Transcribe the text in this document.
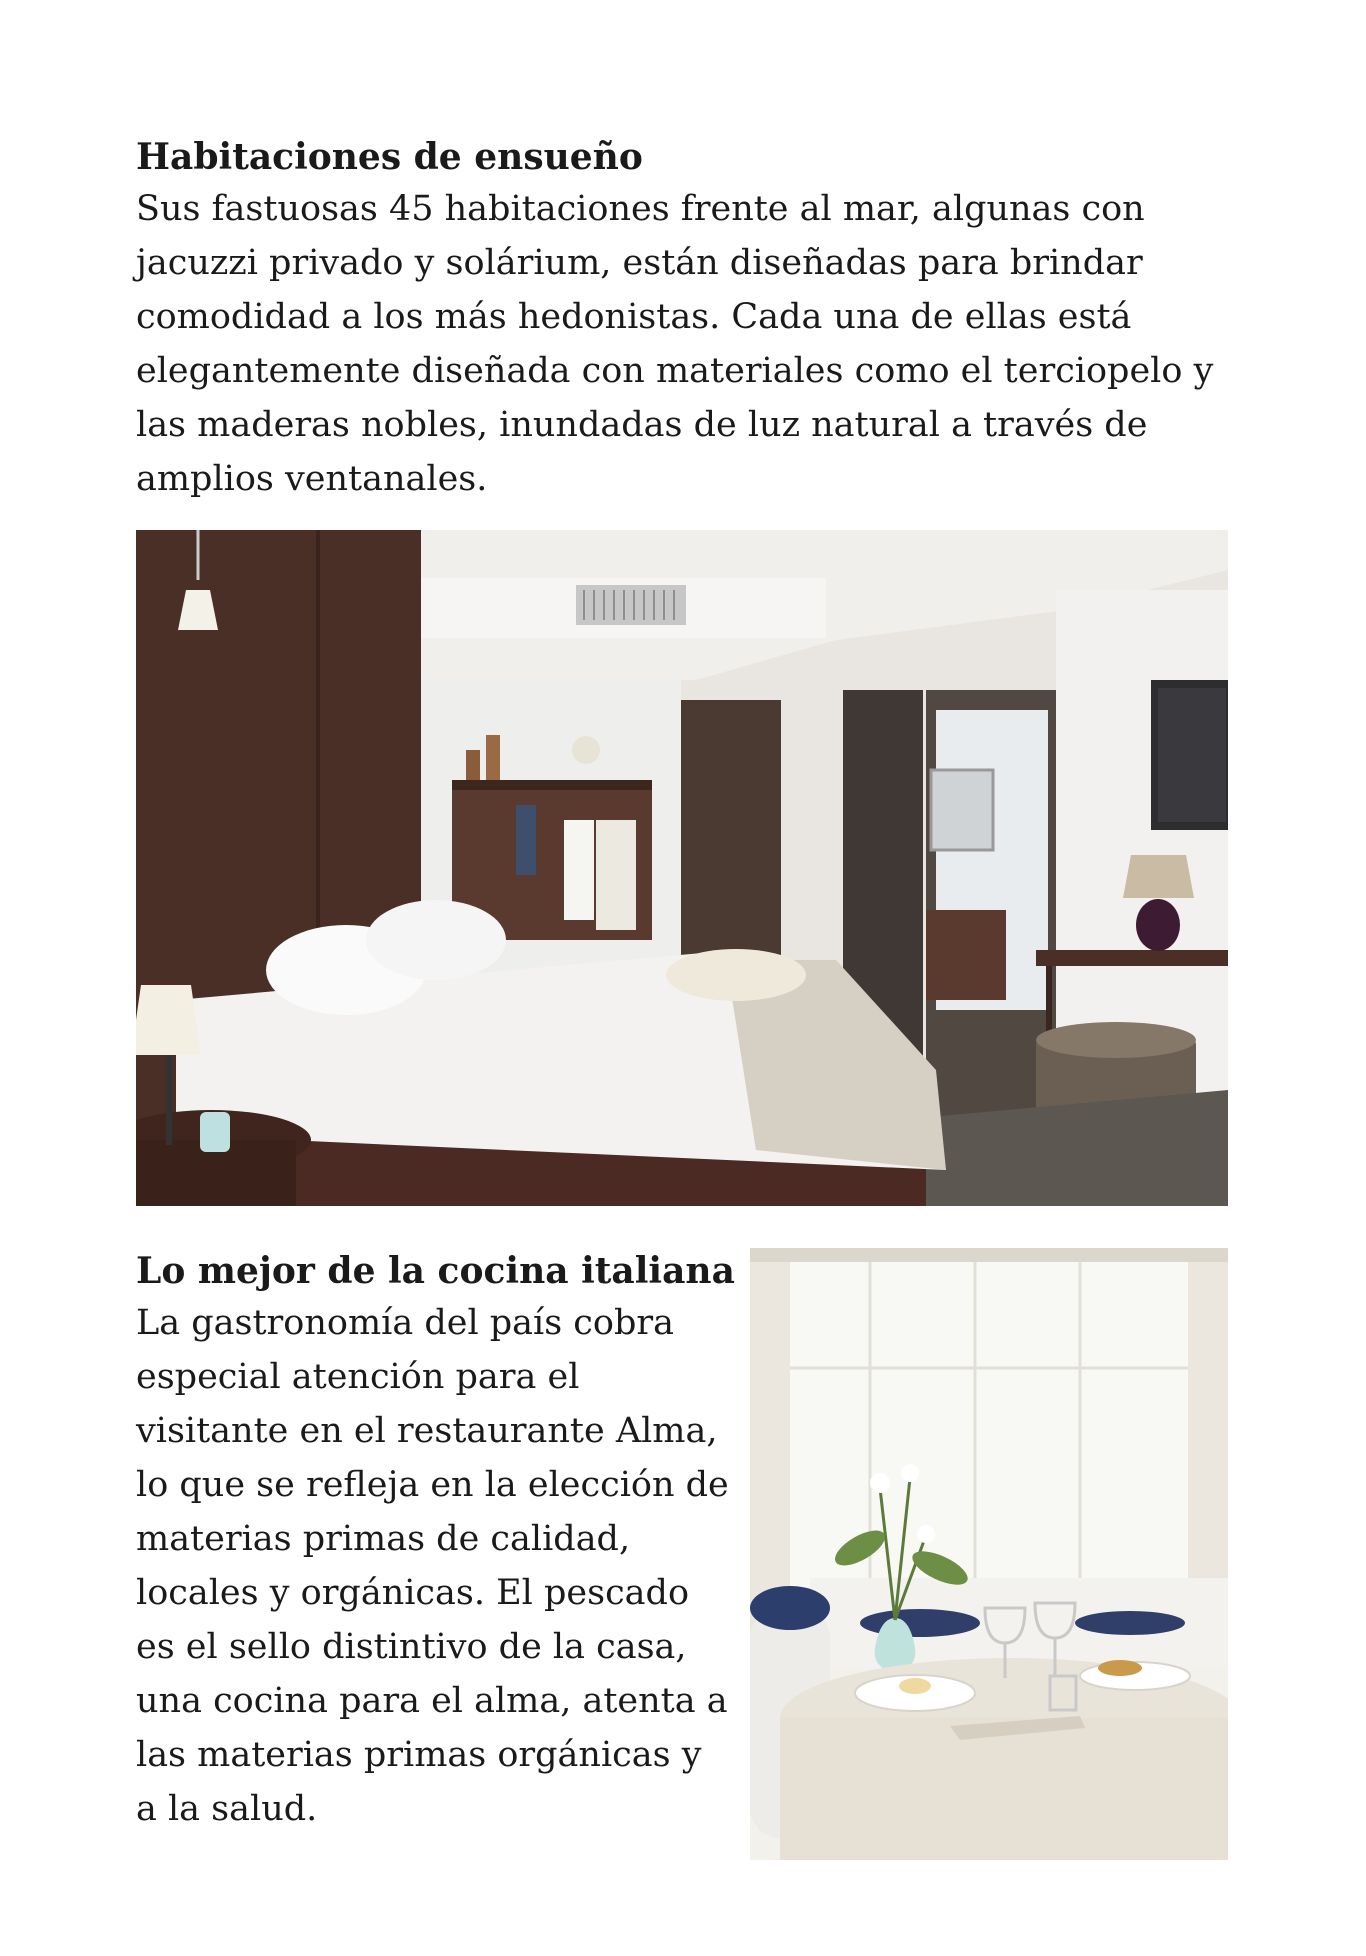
Habitaciones de ensueño
Sus fastuosas 45 habitaciones frente al mar, algunas con
jacuzzi privado y solárium, están diseñadas para brindar
comodidad a los más hedonistas. Cada una de ellas está
elegantemente diseñada con materiales como el terciopelo y
las maderas nobles, inundadas de luz natural a través de
amplios ventanales.
Lo mejor de la cocina italiana
La gastronomía del país cobra
especial atención para el
visitante en el restaurante Alma,
lo que se refleja en la elección de
materias primas de calidad,
locales y orgánicas. El pescado
es el sello distintivo de la casa,
una cocina para el alma, atenta a
las materias primas orgánicas y
a la salud.
